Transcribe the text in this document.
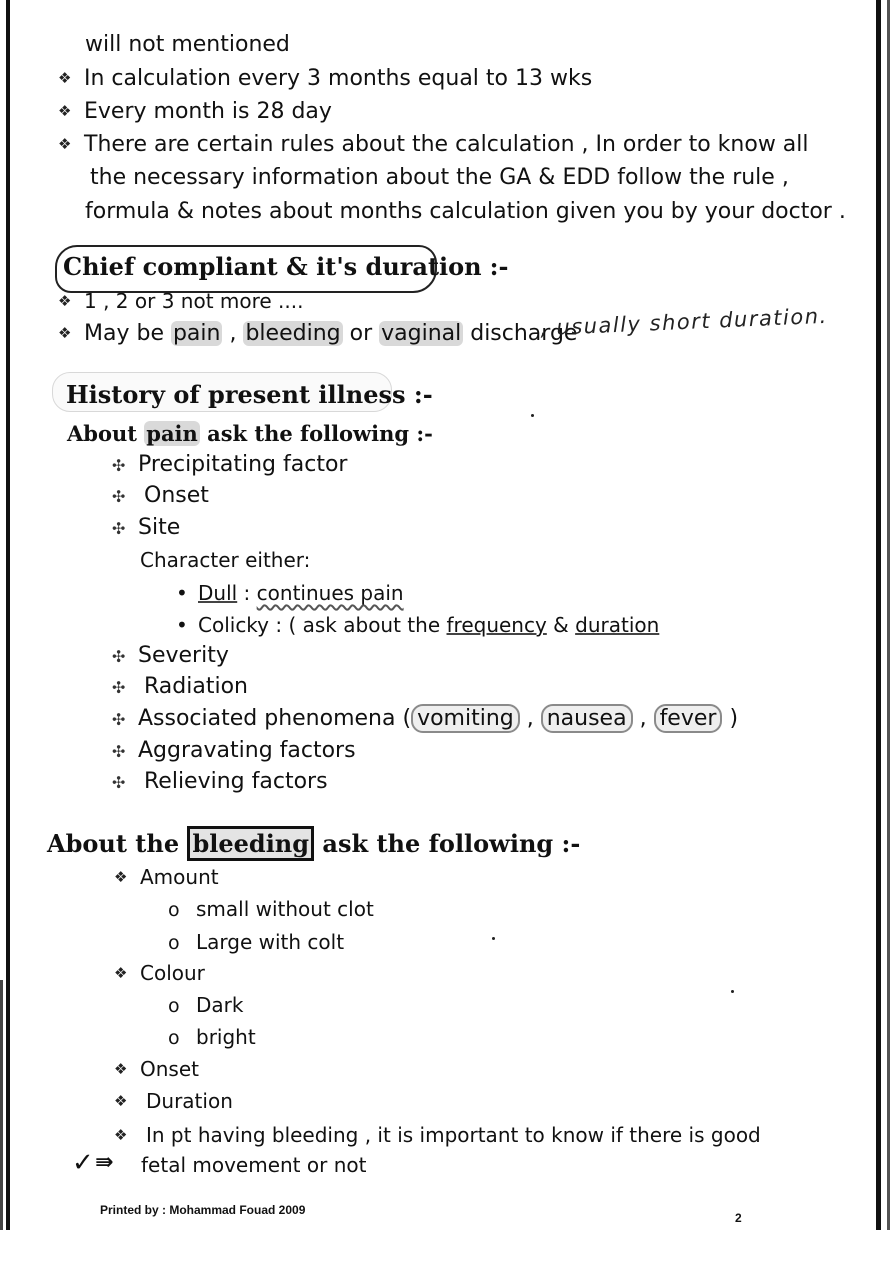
will not mentioned
❖ In calculation every 3 months equal to 13 wks
❖ Every month is 28 day
❖ There are certain rules about the calculation , In order to know all
the necessary information about the GA & EDD follow the rule ,
formula & notes about months calculation given you by your doctor .
Chief compliant & it's duration :-
❖ 1 , 2 or 3 not more ....
❖ May be pain , bleeding or vaginal discharge
, usually short duration.
History of present illness :-
About pain ask the following :-
✣ Precipitating factor
✣ Onset
✣ Site
Character either:
• Dull : continues pain
• Colicky : ( ask about the frequency & duration
✣ Severity
✣ Radiation
✣ Associated phenomena ( vomiting , nausea , fever )
✣ Aggravating factors
✣ Relieving factors
About the bleeding ask the following :-
❖ Amount
o small without clot
o Large with colt
❖ Colour
o Dark
o bright
❖ Onset
❖ Duration
❖ In pt having bleeding , it is important to know if there is good
✓ ⇛ fetal movement or not
Printed by : Mohammad Fouad 2009
2
